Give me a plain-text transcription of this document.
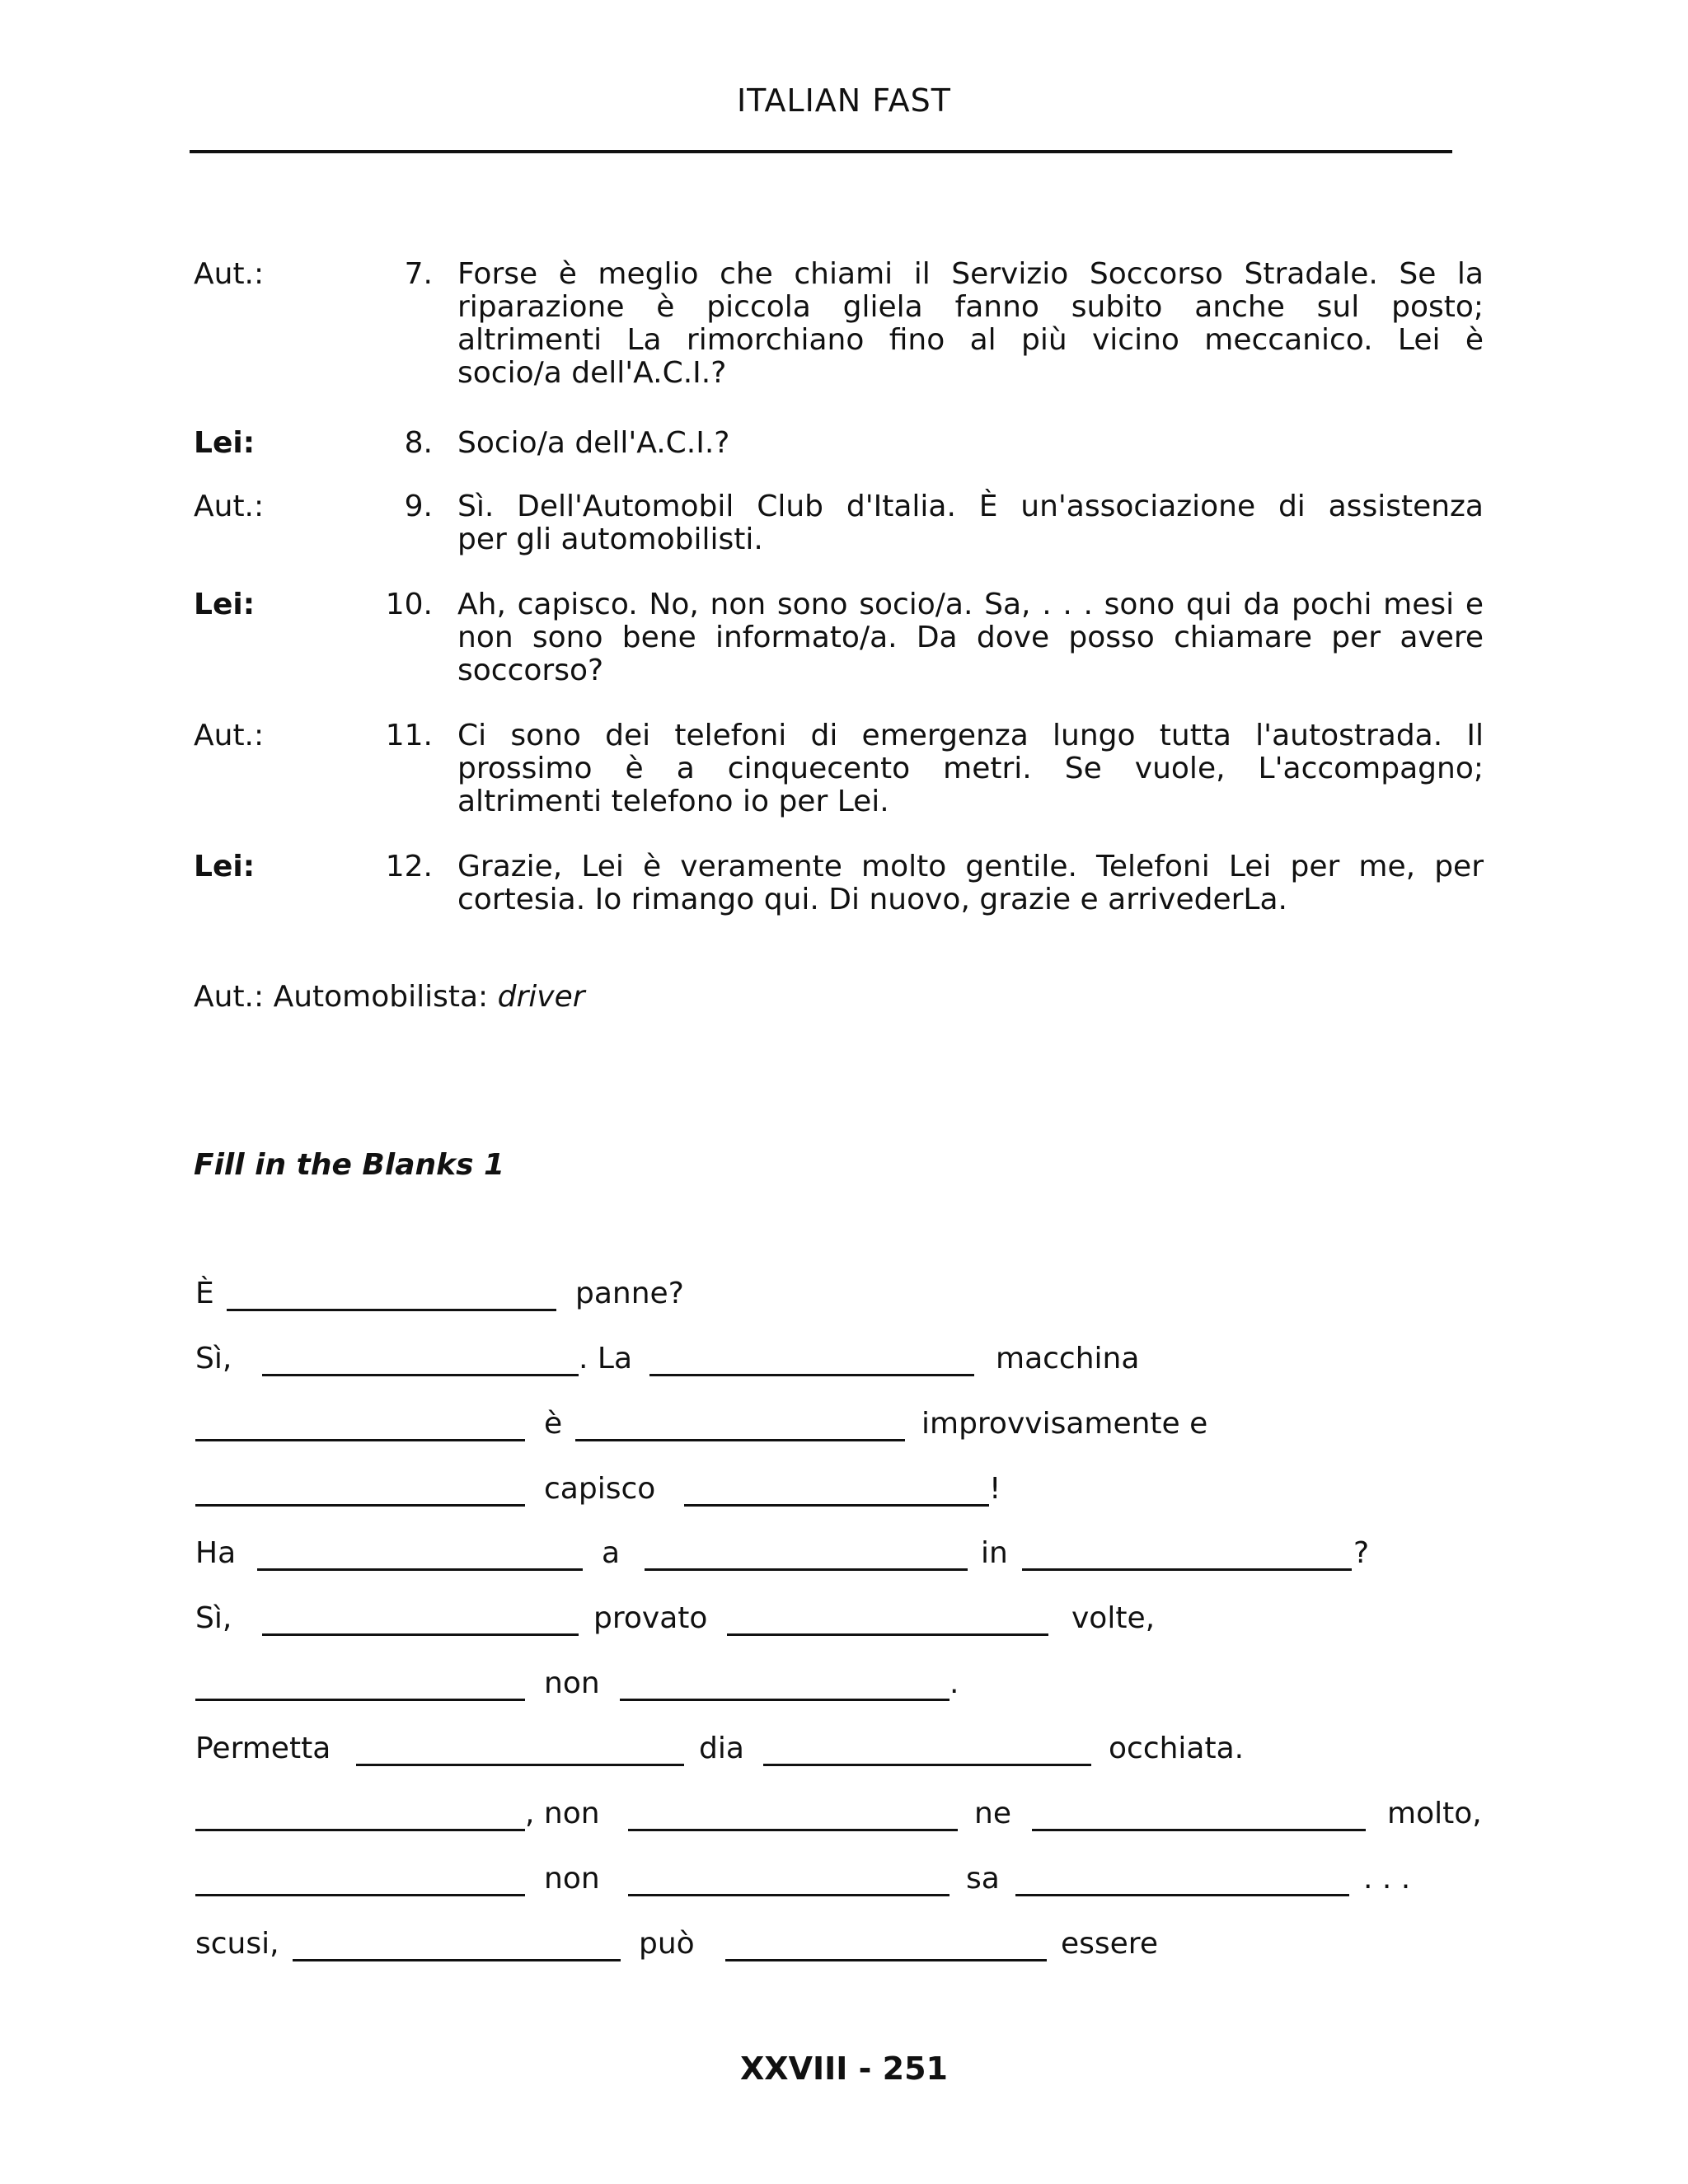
ITALIAN FAST
Aut.:	7. Forse è meglio che chiami il Servizio Soccorso Stradale. Se la
riparazione è piccola gliela fanno subito anche sul posto;
altrimenti La rimorchiano fino al più vicino meccanico. Lei è
socio/a dell'A.C.I.?
Lei:	8. Socio/a dell'A.C.I.?
Aut.:	9. Sì. Dell'Automobil Club d'Italia. È un'associazione di assistenza
per gli automobilisti.
Lei:	10. Ah, capisco. No, non sono socio/a. Sa, . . . sono qui da pochi mesi e
non sono bene informato/a. Da dove posso chiamare per avere
soccorso?
Aut.:	11. Ci sono dei telefoni di emergenza lungo tutta l'autostrada. Il
prossimo è a cinquecento metri. Se vuole, L'accompagno;
altrimenti telefono io per Lei.
Lei:	12. Grazie, Lei è veramente molto gentile. Telefoni Lei per me, per
cortesia. Io rimango qui. Di nuovo, grazie e arrivederLa.
Aut.: Automobilista: driver
Fill in the Blanks 1
È	panne?
Sì,	. La	macchina
è	improvvisamente e
capisco	!
Ha	a	in	?
Sì,	provato	volte,
non	.
Permetta	dia	occhiata.
, non	ne	molto,
non	sa	. . .
scusi,	può	essere
XXVIII - 251
